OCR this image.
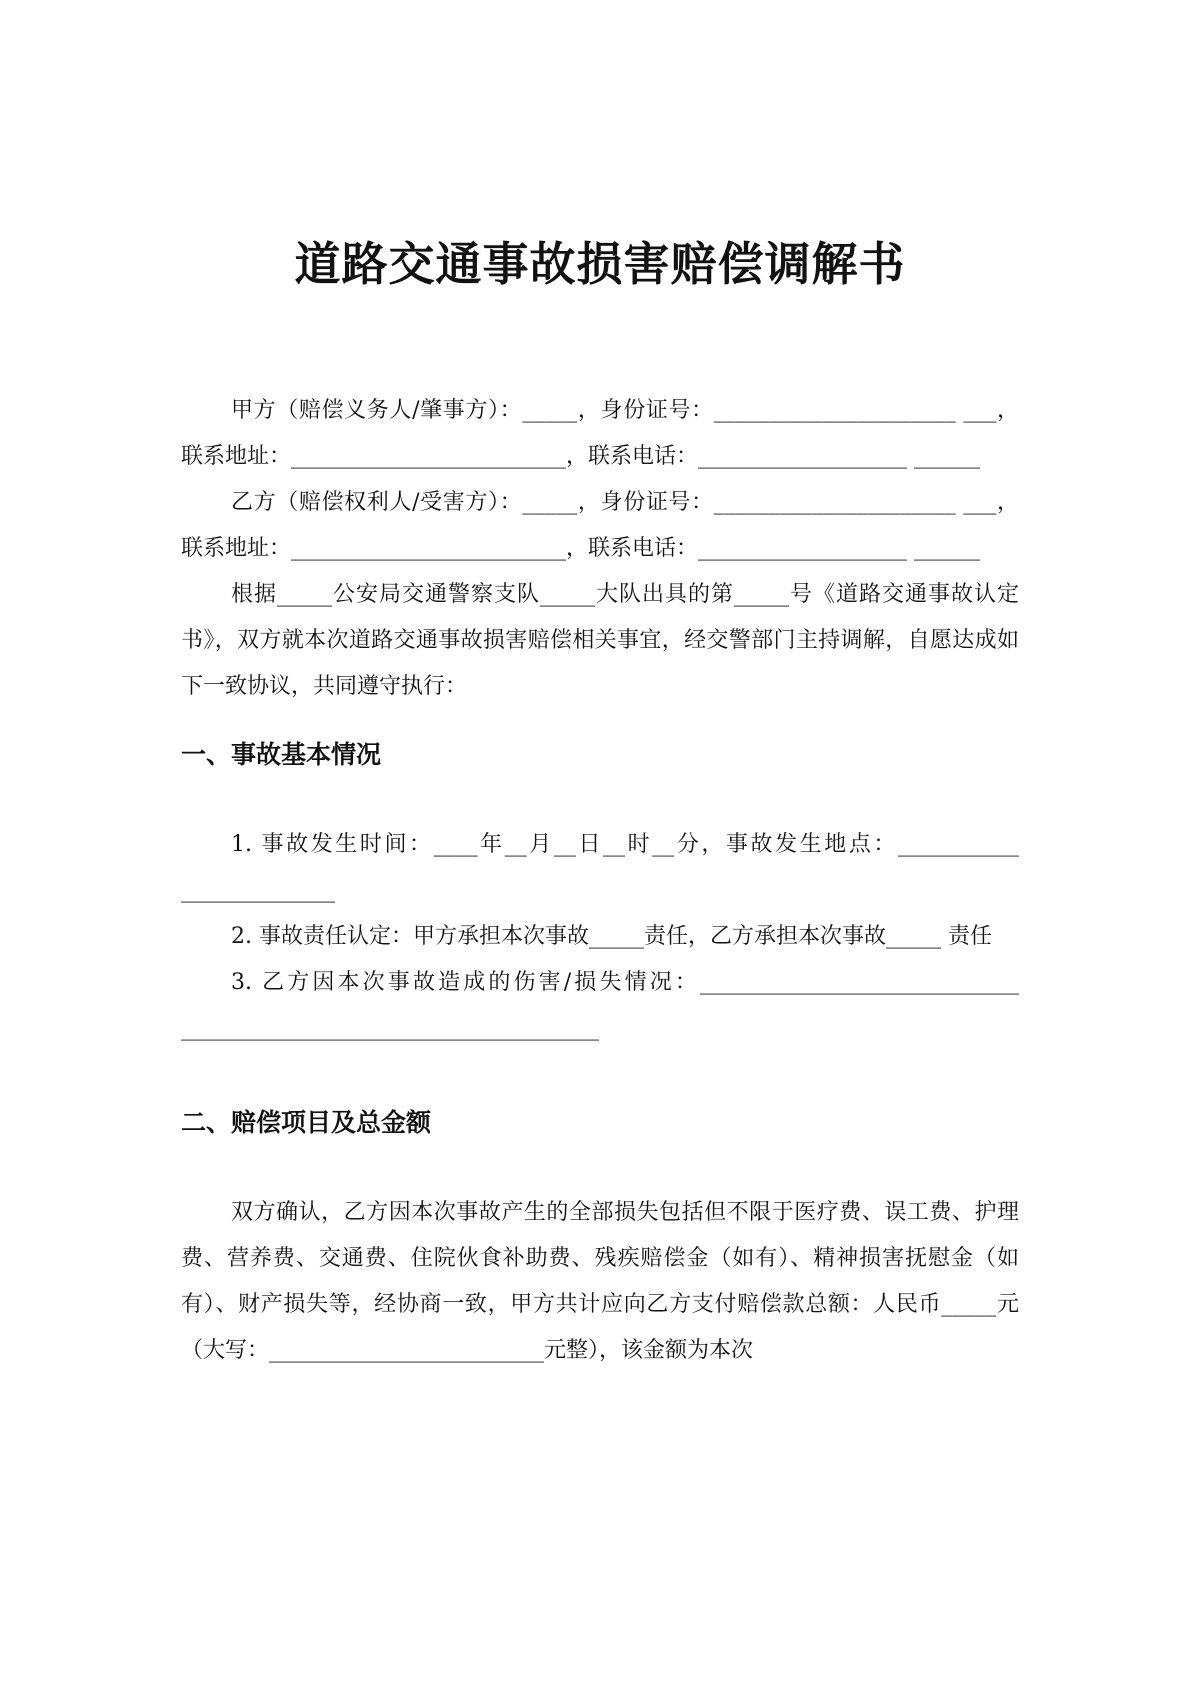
道路交通事故损害赔偿调解书

甲方（赔偿义务人/肇事方）：_____，身份证号：______________________ ___，联系地址：_________________________，联系电话：___________________ ______

乙方（赔偿权利人/受害方）：_____，身份证号：______________________ ___，联系地址：_________________________，联系电话：___________________ ______

根据_____公安局交通警察支队_____大队出具的第_____号《道路交通事故认定书》，双方就本次道路交通事故损害赔偿相关事宜，经交警部门主持调解，自愿达成如下一致协议，共同遵守执行：

一、事故基本情况

1. 事故发生时间：____年__月__日__时__分，事故发生地点：___________ ______________

2. 事故责任认定：甲方承担本次事故_____责任，乙方承担本次事故_____ 责任

3. 乙方因本次事故造成的伤害/损失情况：_____________________________ ______________________________________

二、赔偿项目及总金额

双方确认，乙方因本次事故产生的全部损失包括但不限于医疗费、误工费、护理费、营养费、交通费、住院伙食补助费、残疾赔偿金（如有）、精神损害抚慰金（如有）、财产损失等，经协商一致，甲方共计应向乙方支付赔偿款总额：人民币_____元（大写：_________________________元整），该金额为本次
